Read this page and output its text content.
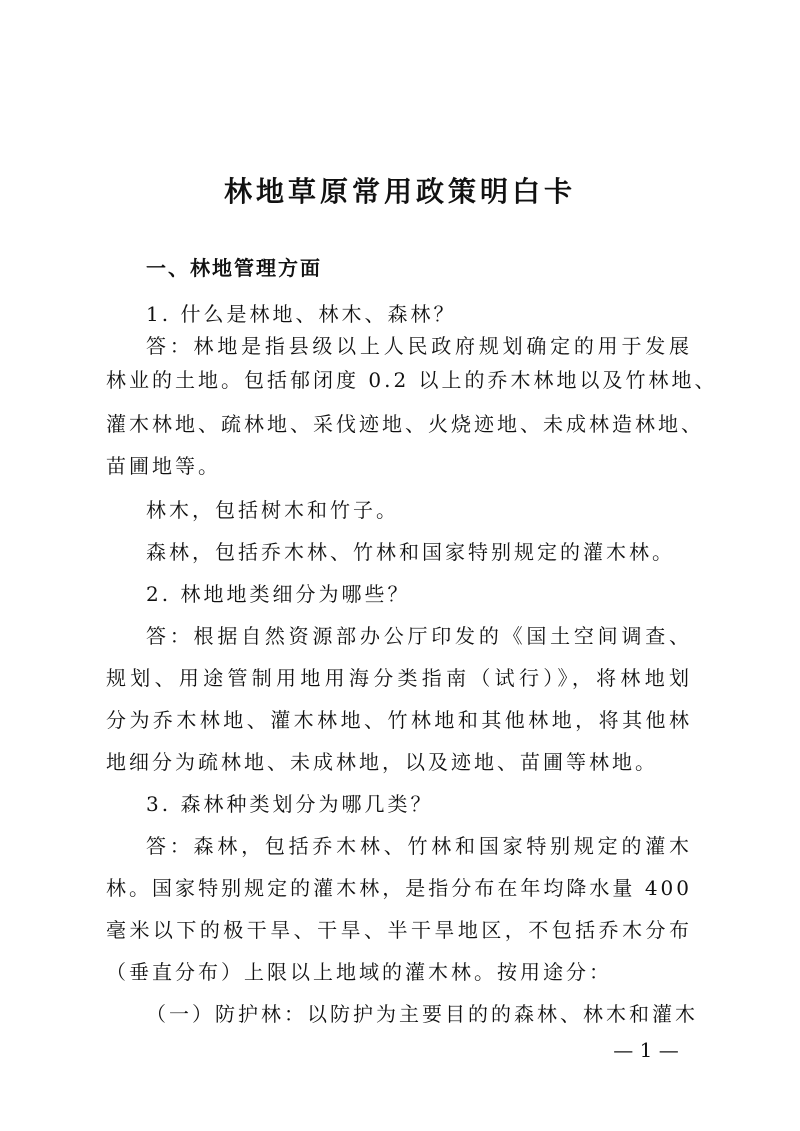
林地草原常用政策明白卡
一、林地管理方面
1. 什么是林地、林木、森林？
答：林地是指县级以上人民政府规划确定的用于发展
林业的土地。包括郁闭度 0.2 以上的乔木林地以及竹林地、
灌木林地、疏林地、采伐迹地、火烧迹地、未成林造林地、
苗圃地等。
林木，包括树木和竹子。
森林，包括乔木林、竹林和国家特别规定的灌木林。
2. 林地地类细分为哪些？
答：根据自然资源部办公厅印发的《国土空间调查、
规划、用途管制用地用海分类指南（试行）》，将林地划
分为乔木林地、灌木林地、竹林地和其他林地，将其他林
地细分为疏林地、未成林地，以及迹地、苗圃等林地。
3. 森林种类划分为哪几类？
答：森林，包括乔木林、竹林和国家特别规定的灌木
林。国家特别规定的灌木林，是指分布在年均降水量 400
毫米以下的极干旱、干旱、半干旱地区，不包括乔木分布
（垂直分布）上限以上地域的灌木林。按用途分：
（一）防护林：以防护为主要目的的森林、林木和灌木
— 1 —
